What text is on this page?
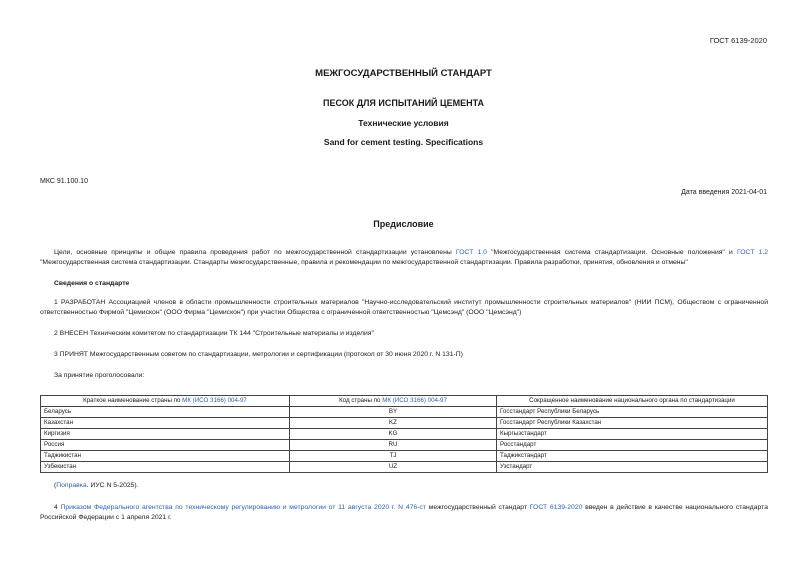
ГОСТ 6139-2020
МЕЖГОСУДАРСТВЕННЫЙ СТАНДАРТ
ПЕСОК ДЛЯ ИСПЫТАНИЙ ЦЕМЕНТА
Технические условия
Sand for cement testing. Specifications
МКС 91.100.10
Дата введения 2021-04-01
Предисловие
Цели, основные принципы и общие правила проведения работ по межгосударственной стандартизации установлены ГОСТ 1.0 "Межгосударственная система стандартизации. Основные положения" и ГОСТ 1.2 "Межгосударственная система стандартизации. Стандарты межгосударственные, правила и рекомендации по межгосударственной стандартизации. Правила разработки, принятия, обновления и отмены"
Сведения о стандарте
1 РАЗРАБОТАН Ассоциацией членов в области промышленности строительных материалов "Научно-исследовательский институт промышленности строительных материалов" (НИИ ПСМ), Обществом с ограниченной ответственностью Фирмой "Цемискон" (ООО Фирма "Цемискон") при участии Общества с ограниченной ответственностью "Цемсэнд" (ООО "Цемсэнд")
2 ВНЕСЕН Техническим комитетом по стандартизации ТК 144 "Строительные материалы и изделия"
3 ПРИНЯТ Межгосударственным советом по стандартизации, метрологии и сертификации (протокол от 30 июня 2020 г. N 131-П)
За принятие проголосовали:
Краткое наименование страны по МК (ИСО 3166) 004-97	Код страны по МК (ИСО 3166) 004-97	Сокращенное наименование национального органа по стандартизации
Беларусь	BY	Госстандарт Республики Беларусь
Казахстан	KZ	Госстандарт Республики Казахстан
Киргизия	KG	Кыргызстандарт
Россия	RU	Росстандарт
Таджикистан	TJ	Таджикстандарт
Узбекистан	UZ	Узстандарт
(Поправка. ИУС N 5-2025).
4 Приказом Федерального агентства по техническому регулированию и метрологии от 11 августа 2020 г. N 476-ст межгосударственный стандарт ГОСТ 6139-2020 введен в действие в качестве национального стандарта Российской Федерации с 1 апреля 2021 г.
